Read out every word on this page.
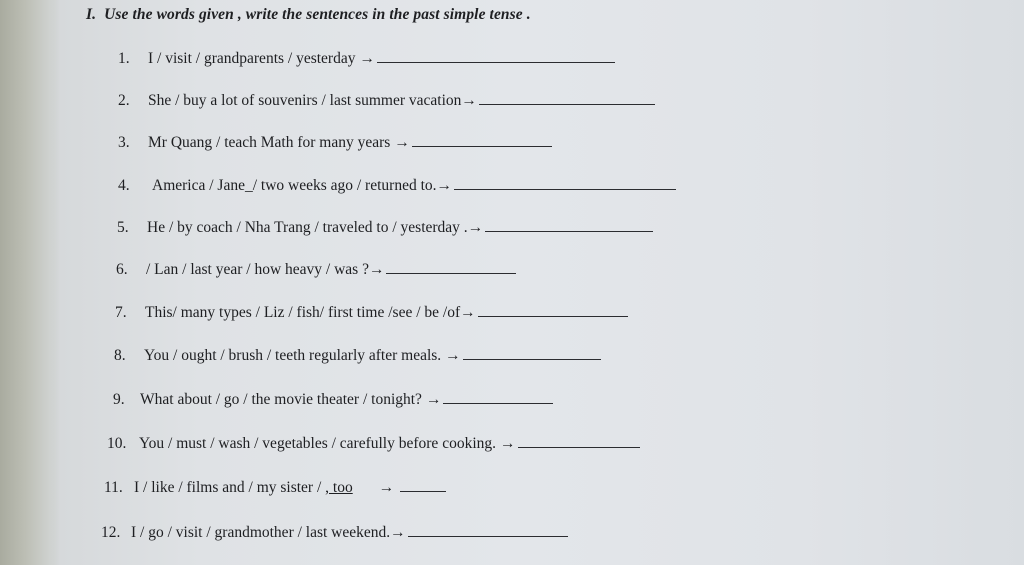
I. Use the words given , write the sentences in the past simple tense .
1. I / visit / grandparents / yesterday →
2. She / buy a lot of souvenirs / last summer vacation→
3. Mr Quang / teach Math for many years →
4. America / Jane_/ two weeks ago / returned to.→
5. He / by coach / Nha Trang / traveled to / yesterday .→
6. / Lan / last year / how heavy / was ?→
7. This/ many types / Liz / fish/ first time /see / be /of→
8. You / ought / brush / teeth regularly after meals. →
9. What about / go / the movie theater / tonight? →
10. You / must / wash / vegetables / carefully before cooking. →
11. I / like / films and / my sister / , too →
12. I / go / visit / grandmother / last weekend.→
